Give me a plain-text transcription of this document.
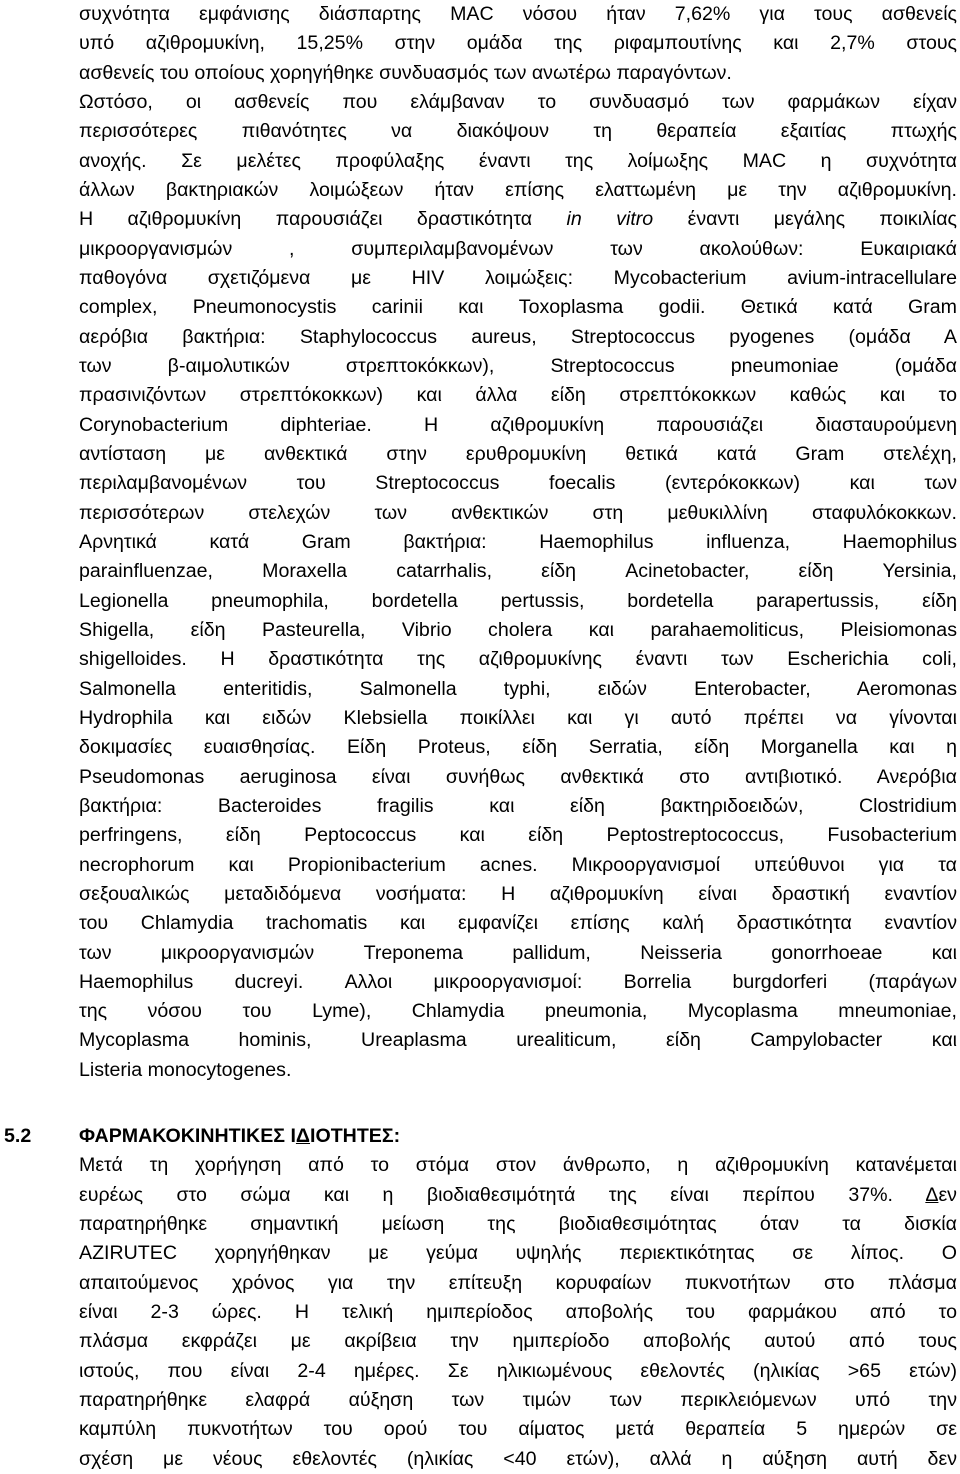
συχνότητα εμφάνισης διάσπαρτης MAC νόσου ήταν 7,62% για τους ασθενείς
υπό αζιθρομυκίνη, 15,25% στην ομάδα της ριφαμπουτίνης και 2,7% στους
ασθενείς του οποίους χορηγήθηκε συνδυασμός των ανωτέρω παραγόντων.
Ωστόσο, οι ασθενείς που ελάμβαναν το συνδυασμό των φαρμάκων είχαν
περισσότερες πιθανότητες να διακόψουν τη θεραπεία εξαιτίας πτωχής
ανοχής. Σε μελέτες προφύλαξης έναντι της λοίμωξης MAC η συχνότητα
άλλων βακτηριακών λοιμώξεων ήταν επίσης ελαττωμένη με την αζιθρομυκίνη.
Η αζιθρομυκίνη παρουσιάζει δραστικότητα in vitro έναντι μεγάλης ποικιλίας
μικροοργανισμών , συμπεριλαμβανομένων των ακολούθων: Ευκαιριακά
παθογόνα σχετιζόμενα με HIV λοιμώξεις: Mycobacterium avium-intracellulare
complex, Pneumonocystis carinii και Toxoplasma godii. Θετικά κατά Gram
αερόβια βακτήρια: Staphylococcus aureus, Streptococcus pyogenes (ομάδα Α
των β-αιμολυτικών στρεπτοκόκκων), Streptococcus pneumoniae (ομάδα
πρασινιζόντων στρεπτόκοκκων) και άλλα είδη στρεπτόκοκκων καθώς και το
Corynobacterium diphteriae. Η αζιθρομυκίνη παρουσιάζει διασταυρούμενη
αντίσταση με ανθεκτικά στην ερυθρομυκίνη θετικά κατά Gram στελέχη,
περιλαμβανομένων του Streptococcus foecalis (εντερόκοκκων) και των
περισσότερων στελεχών των ανθεκτικών στη μεθυκιλλίνη σταφυλόκοκκων.
Αρνητικά κατά Gram βακτήρια: Haemophilus influenza, Haemophilus
parainfluenzae, Moraxella catarrhalis, είδη Acinetobacter, είδη Yersinia,
Legionella pneumophila, bordetella pertussis, bordetella parapertussis, είδη
Shigella, είδη Pasteurella, Vibrio cholera και parahaemoliticus, Pleisiomonas
shigelloides. Η δραστικότητα της αζιθρομυκίνης έναντι των Escherichia coli,
Salmonella enteritidis, Salmonella typhi, ειδών Enterobacter, Aeromonas
Hydrophila και ειδών Klebsiella ποικίλλει και γι αυτό πρέπει να γίνονται
δοκιμασίες ευαισθησίας. Είδη Proteus, είδη Serratia, είδη Morganella και η
Pseudomonas aeruginosa είναι συνήθως ανθεκτικά στο αντιβιοτικό. Ανερόβια
βακτήρια: Bacteroides fragilis και είδη βακτηριδοειδών, Clostridium
perfringens, είδη Peptococcus και είδη Peptostreptococcus, Fusobacterium
necrophorum και Propionibacterium acnes. Μικροοργανισμοί υπεύθυνοι για τα
σεξουαλικώς μεταδιδόμενα νοσήματα: Η αζιθρομυκίνη είναι δραστική εναντίον
του Chlamydia trachomatis και εμφανίζει επίσης καλή δραστικότητα εναντίον
των μικροοργανισμών Treponema pallidum, Neisseria gonorrhoeae και
Haemophilus ducreyi. Αλλοι μικροοργανισμοί: Borrelia burgdorferi (παράγων
της νόσου του Lyme), Chlamydia pneumonia, Mycoplasma mneumoniae,
Mycoplasma hominis, Ureaplasma urealiticum, είδη Campylobacter και
Listeria monocytogenes.
5.2	ΦΑΡΜΑΚΟΚΙΝΗΤΙΚΕΣ ΙΔΙΟΤΗΤΕΣ:
Μετά τη χορήγηση από το στόμα στον άνθρωπο, η αζιθρομυκίνη κατανέμεται
ευρέως στο σώμα και η βιοδιαθεσιμότητά της είναι περίπου 37%. Δεν
παρατηρήθηκε σημαντική μείωση της βιοδιαθεσιμότητας όταν τα δισκία
AZIRUTEC χορηγήθηκαν με γεύμα υψηλής περιεκτικότητας σε λίπος. Ο
απαιτούμενος χρόνος για την επίτευξη κορυφαίων πυκνοτήτων στο πλάσμα
είναι 2-3 ώρες. Η τελική ημιπερίοδος αποβολής του φαρμάκου από το
πλάσμα εκφράζει με ακρίβεια την ημιπερίοδο αποβολής αυτού από τους
ιστούς, που είναι 2-4 ημέρες. Σε ηλικιωμένους εθελοντές (ηλικίας >65 ετών)
παρατηρήθηκε ελαφρά αύξηση των τιμών των περικλειόμενων υπό την
καμπύλη πυκνοτήτων του ορού του αίματος μετά θεραπεία 5 ημερών σε
σχέση με νέους εθελοντές (ηλικίας <40 ετών), αλλά η αύξηση αυτή δεν
